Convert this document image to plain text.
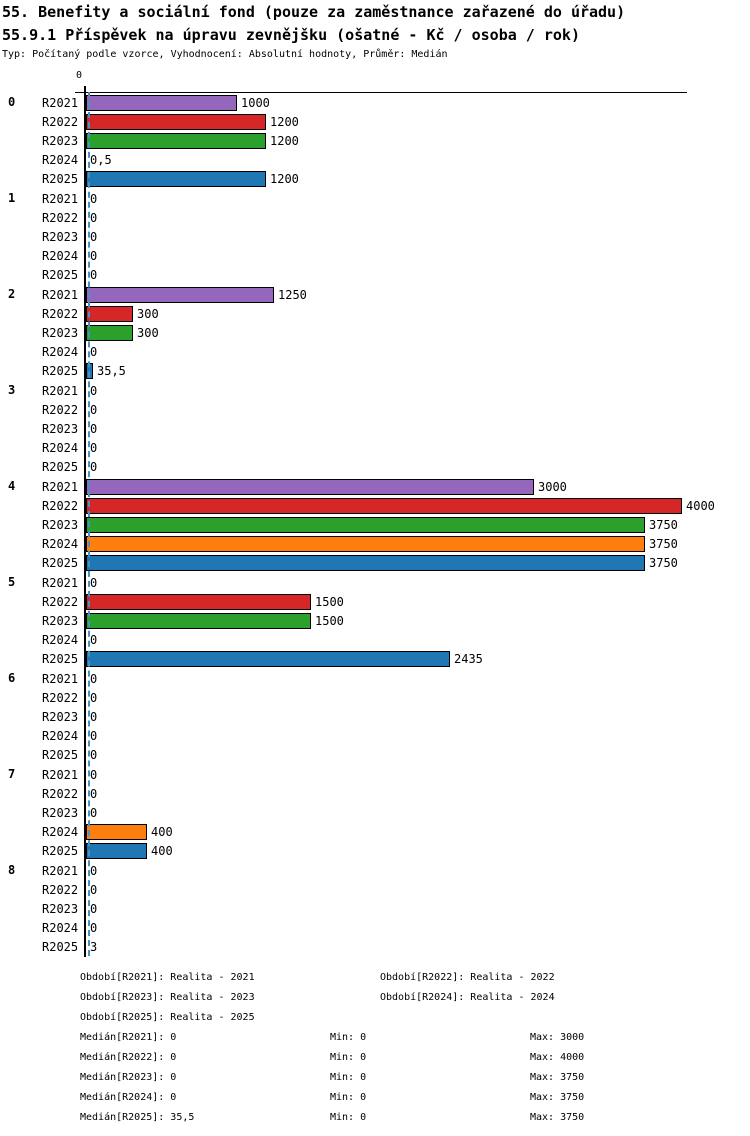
55. Benefity a sociální fond (pouze za zaměstnance zařazené do úřadu)
55.9.1 Příspěvek na úpravu zevnějšku (ošatné - Kč / osoba / rok)
Typ: Počítaný podle vzorce, Vyhodnocení: Absolutní hodnoty, Průměr: Medián
0
0 R2021	1000
R2022	1200
R2023	1200
R2024 0,5
R2025	1200
1 R2021 0
R2022 0
R2023 0
R2024 0
R2025 0
2 R2021	1250
R2022	300
R2023	300
R2024 0
R2025 35,5
3 R2021 0
R2022 0
R2023 0
R2024 0
R2025 0
4 R2021	3000
R2022	4000
R2023	3750
R2024	3750
R2025	3750
5 R2021 0
R2022	1500
R2023	1500
R2024 0
R2025	2435
6 R2021 0
R2022 0
R2023 0
R2024 0
R2025 0
7 R2021 0
R2022 0
R2023 0
R2024	400
R2025	400
8 R2021 0
R2022 0
R2023 0
R2024 0
R2025 3
Období[R2021]: Realita - 2021	Období[R2022]: Realita - 2022
Období[R2023]: Realita - 2023	Období[R2024]: Realita - 2024
Období[R2025]: Realita - 2025
Medián[R2021]: 0	Min: 0	Max: 3000
Medián[R2022]: 0	Min: 0	Max: 4000
Medián[R2023]: 0	Min: 0	Max: 3750
Medián[R2024]: 0	Min: 0	Max: 3750
Medián[R2025]: 35,5	Min: 0	Max: 3750
